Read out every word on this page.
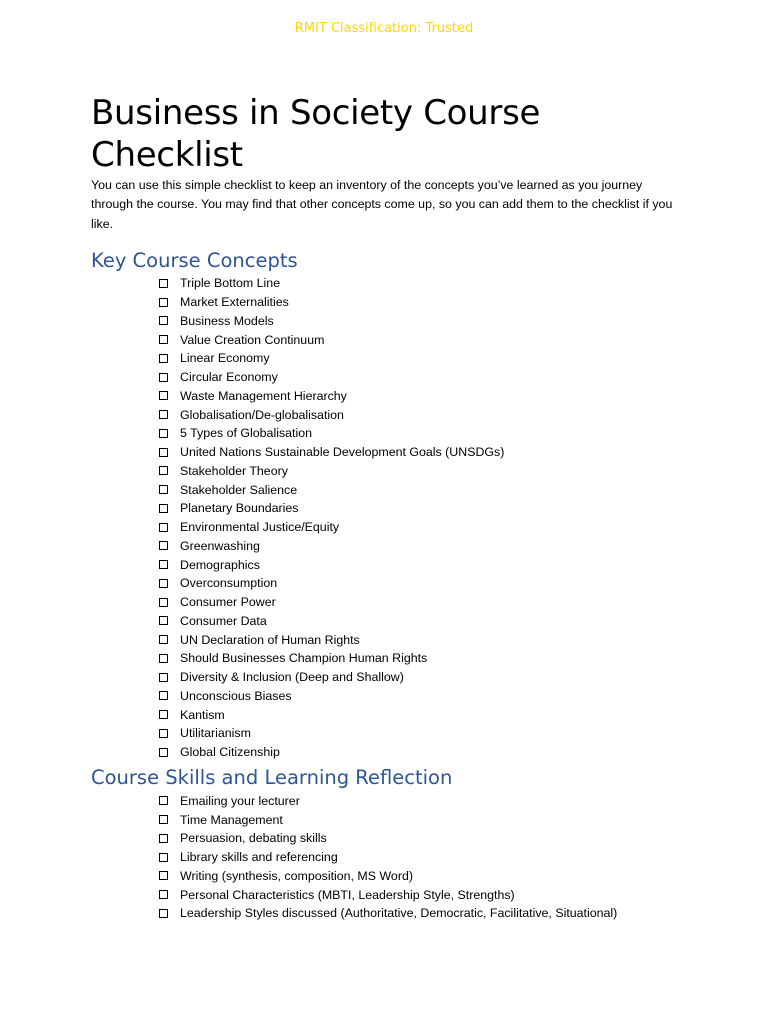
RMIT Classification: Trusted
Business in Society Course
Checklist

You can use this simple checklist to keep an inventory of the concepts you’ve learned as you journey through the course. You may find that other concepts come up, so you can add them to the checklist if you like.

Key Course Concepts
Triple Bottom Line
Market Externalities
Business Models
Value Creation Continuum
Linear Economy
Circular Economy
Waste Management Hierarchy
Globalisation/De-globalisation
5 Types of Globalisation
United Nations Sustainable Development Goals (UNSDGs)
Stakeholder Theory
Stakeholder Salience
Planetary Boundaries
Environmental Justice/Equity
Greenwashing
Demographics
Overconsumption
Consumer Power
Consumer Data
UN Declaration of Human Rights
Should Businesses Champion Human Rights
Diversity & Inclusion (Deep and Shallow)
Unconscious Biases
Kantism
Utilitarianism
Global Citizenship
Course Skills and Learning Reflection
Emailing your lecturer
Time Management
Persuasion, debating skills
Library skills and referencing
Writing (synthesis, composition, MS Word)
Personal Characteristics (MBTI, Leadership Style, Strengths)
Leadership Styles discussed (Authoritative, Democratic, Facilitative, Situational)
